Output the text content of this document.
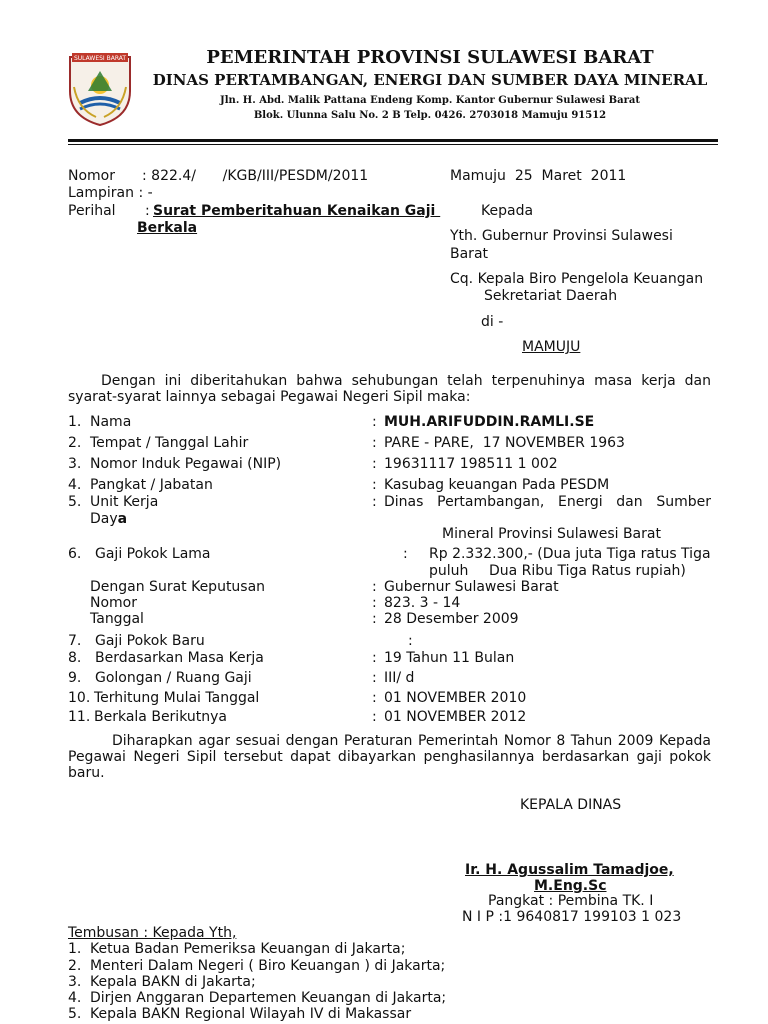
SULAWESI BARAT	PEMERINTAH PROVINSI SULAWESI BARAT
DINAS PERTAMBANGAN, ENERGI DAN SUMBER DAYA MINERAL
Jln. H. Abd. Malik Pattana Endeng Komp. Kantor Gubernur Sulawesi Barat
Blok. Ulunna Salu No. 2 B Telp. 0426. 2703018 Mamuju 91512
Nomor : 822.4/      /KGB/III/PESDM/2011	Mamuju  25  Maret  2011
Lampiran : -
Perihal : Surat Pemberitahuan Kenaikan Gaji
Berkala
Kepada
Yth. Gubernur Provinsi Sulawesi
Barat
Cq. Kepala Biro Pengelola Keuangan
Sekretariat Daerah
di -
MAMUJU
Dengan ini diberitahukan bahwa sehubungan telah terpenuhinya masa kerja dan syarat-syarat lainnya sebagai Pegawai Negeri Sipil maka:
1. Nama	: MUH.ARIFUDDIN.RAMLI.SE
2. Tempat / Tanggal Lahir	: PARE - PARE,  17 NOVEMBER 1963
3. Nomor Induk Pegawai (NIP)	: 19631117 198511 1 002
4. Pangkat / Jabatan	: Kasubag keuangan Pada PESDM
5. Unit Kerja	: Dinas Pertambangan, Energi dan Sumber
Daya
Mineral Provinsi Sulawesi Barat
6. Gaji Pokok Lama	: Rp 2.332.300,- (Dua juta Tiga ratus Tiga
puluh Dua Ribu Tiga Ratus rupiah)
Dengan Surat Keputusan	: Gubernur Sulawesi Barat
Nomor	: 823. 3 - 14
Tanggal	: 28 Desember 2009
7. Gaji Pokok Baru	:
8. Berdasarkan Masa Kerja	: 19 Tahun 11 Bulan
9. Golongan / Ruang Gaji	: III/ d
10. Terhitung Mulai Tanggal	: 01 NOVEMBER 2010
11. Berkala Berikutnya	: 01 NOVEMBER 2012
Diharapkan agar sesuai dengan Peraturan Pemerintah Nomor 8 Tahun 2009 Kepada Pegawai Negeri Sipil tersebut dapat dibayarkan penghasilannya berdasarkan gaji pokok baru.
KEPALA DINAS
Ir. H. Agussalim Tamadjoe,
M.Eng.Sc
Pangkat : Pembina TK. I
N I P :1 9640817 199103 1 023
Tembusan : Kepada Yth,
1. Ketua Badan Pemeriksa Keuangan di Jakarta;
2. Menteri Dalam Negeri ( Biro Keuangan ) di Jakarta;
3. Kepala BAKN di Jakarta;
4. Dirjen Anggaran Departemen Keuangan di Jakarta;
5. Kepala BAKN Regional Wilayah IV di Makassar
